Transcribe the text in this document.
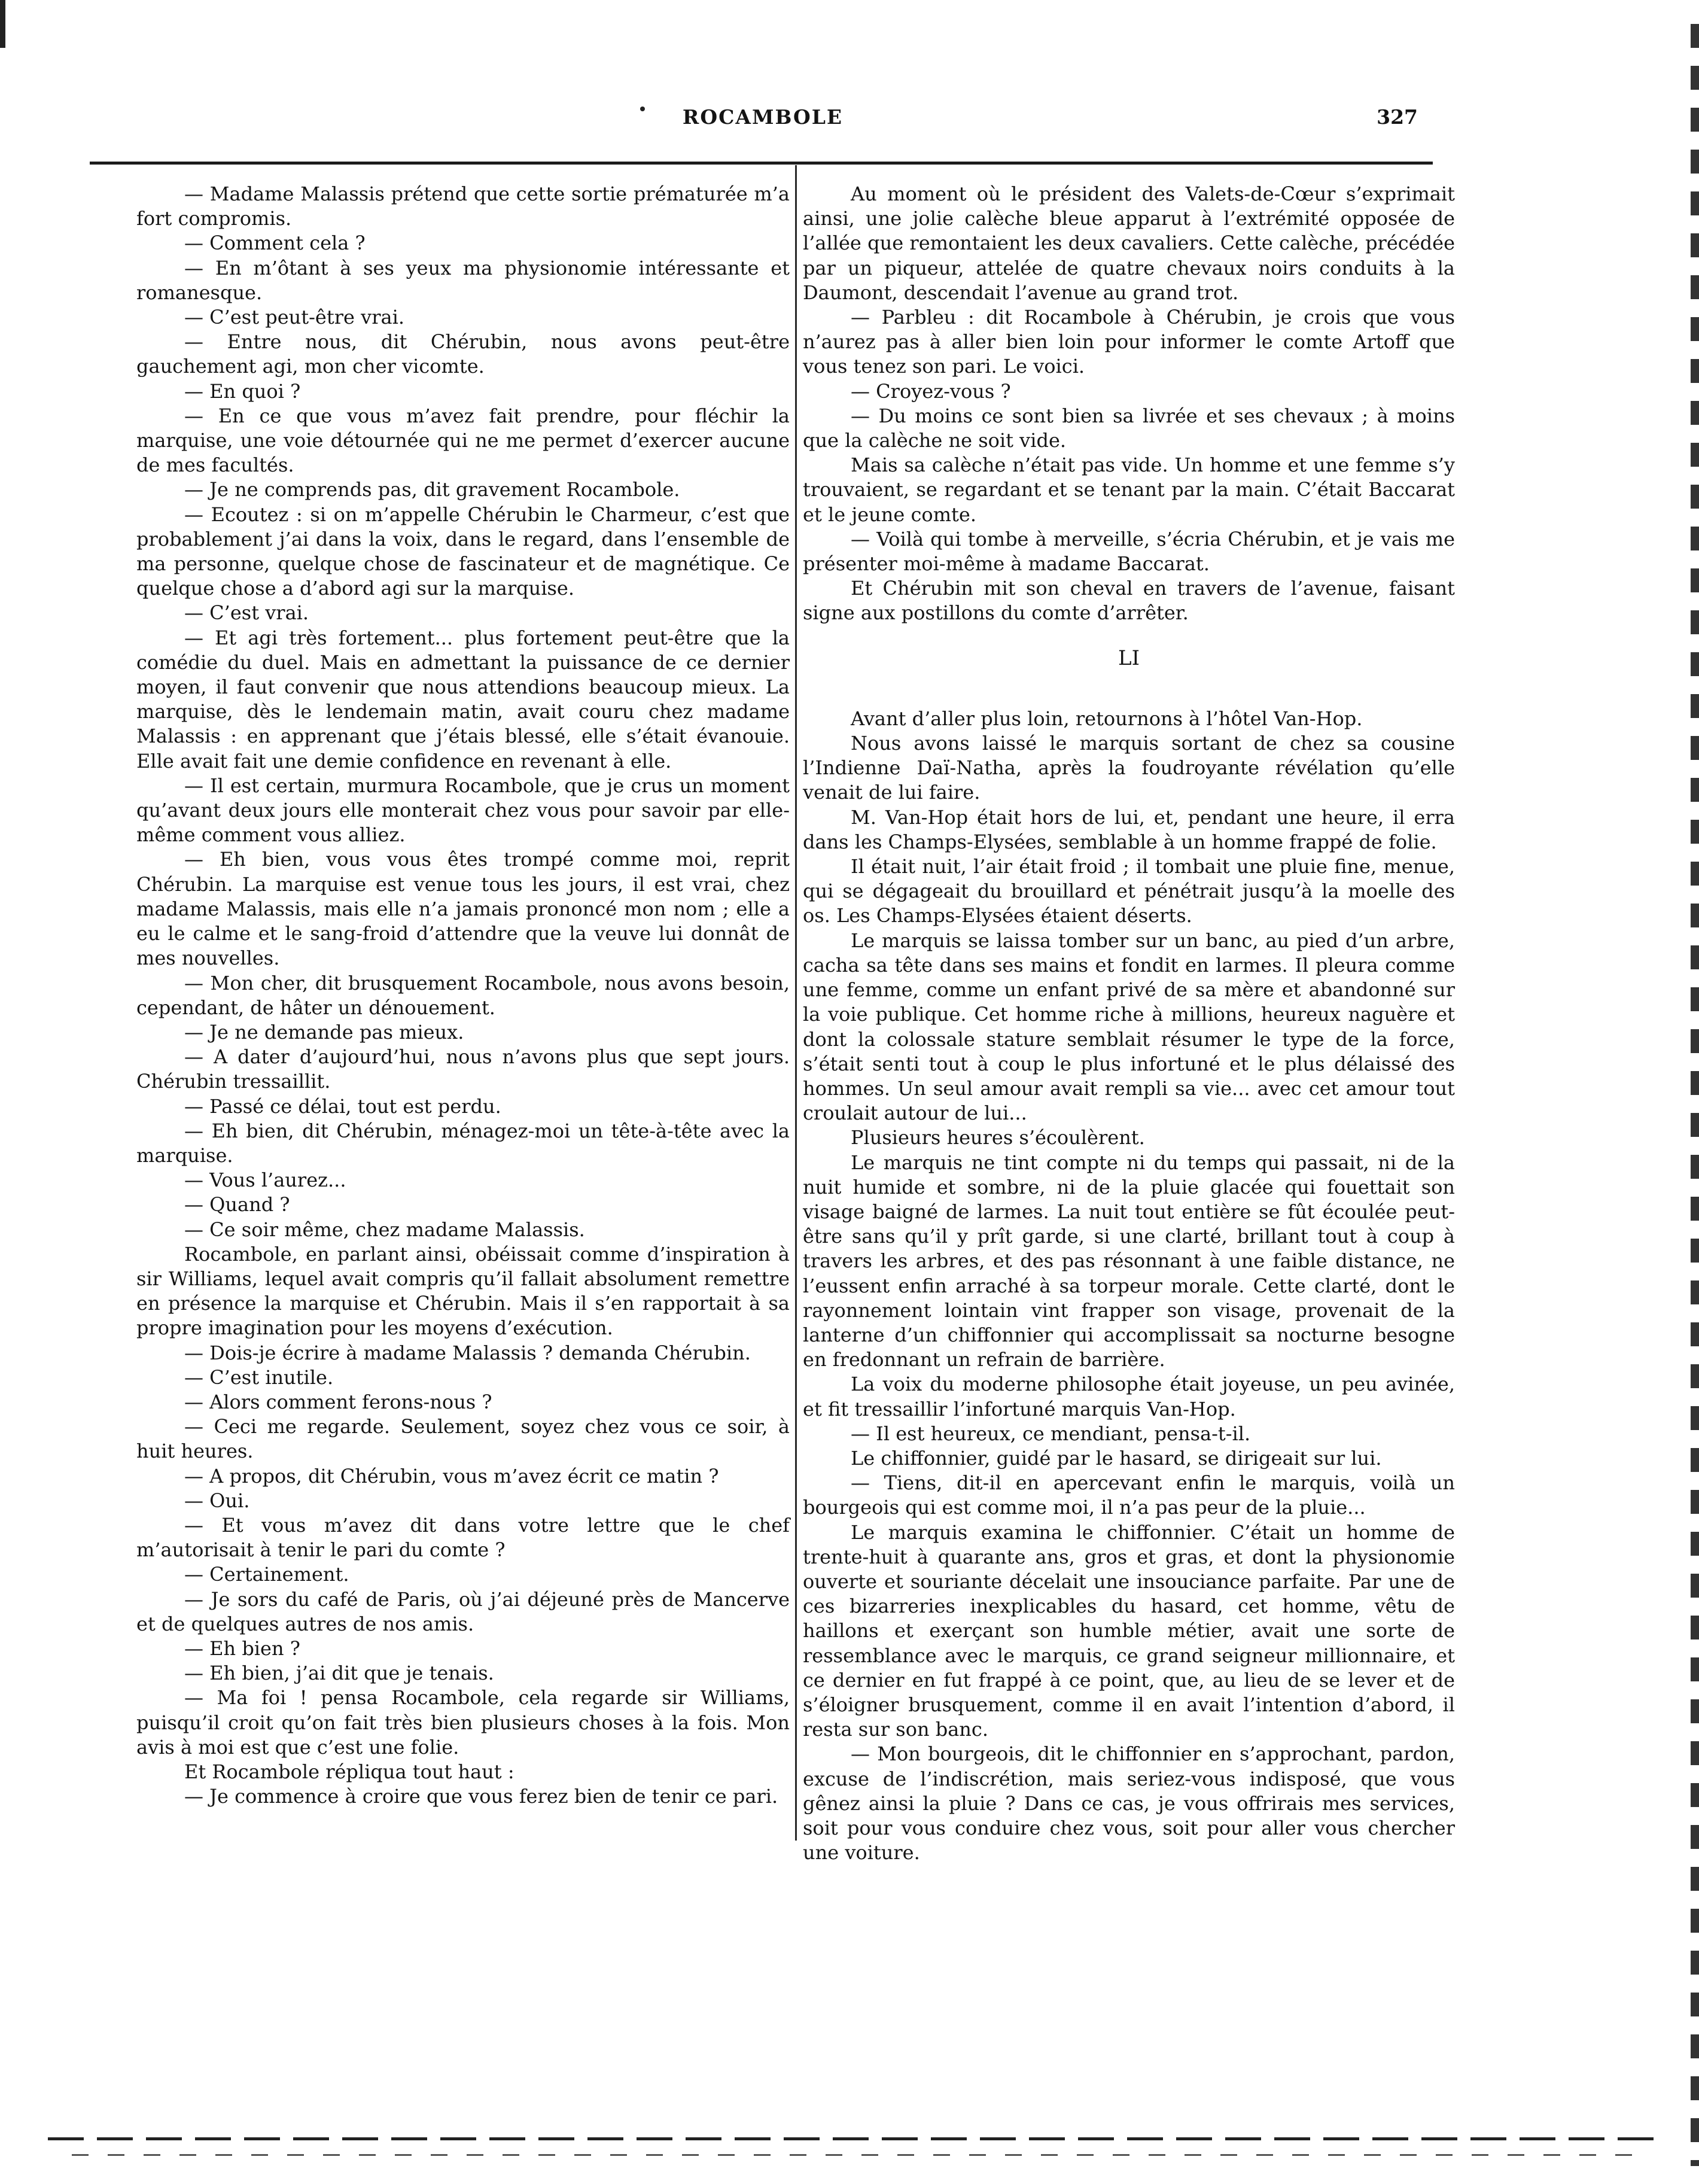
ROCAMBOLE	327

— Madame Malassis prétend que cette sortie prématurée m’a fort compromis.

— Comment cela ?

— En m’ôtant à ses yeux ma physionomie intéressante et romanesque.

— C’est peut-être vrai.

— Entre nous, dit Chérubin, nous avons peut-être gauchement agi, mon cher vicomte.

— En quoi ?

— En ce que vous m’avez fait prendre, pour fléchir la marquise, une voie détournée qui ne me permet d’exercer aucune de mes facultés.

— Je ne comprends pas, dit gravement Rocambole.

— Ecoutez : si on m’appelle Chérubin le Charmeur, c’est que probablement j’ai dans la voix, dans le regard, dans l’ensemble de ma personne, quelque chose de fascinateur et de magnétique. Ce quelque chose a d’abord agi sur la marquise.

— C’est vrai.

— Et agi très fortement... plus fortement peut-être que la comédie du duel. Mais en admettant la puissance de ce dernier moyen, il faut convenir que nous attendions beaucoup mieux. La marquise, dès le lendemain matin, avait couru chez madame Malassis : en apprenant que j’étais blessé, elle s’était évanouie. Elle avait fait une demie confidence en revenant à elle.

— Il est certain, murmura Rocambole, que je crus un moment qu’avant deux jours elle monterait chez vous pour savoir par elle-même comment vous alliez.

— Eh bien, vous vous êtes trompé comme moi, reprit Chérubin. La marquise est venue tous les jours, il est vrai, chez madame Malassis, mais elle n’a jamais prononcé mon nom ; elle a eu le calme et le sang-froid d’attendre que la veuve lui donnât de mes nouvelles.

— Mon cher, dit brusquement Rocambole, nous avons besoin, cependant, de hâter un dénouement.

— Je ne demande pas mieux.

— A dater d’aujourd’hui, nous n’avons plus que sept jours. Chérubin tressaillit.

— Passé ce délai, tout est perdu.

— Eh bien, dit Chérubin, ménagez-moi un tête-à-tête avec la marquise.

— Vous l’aurez...

— Quand ?

— Ce soir même, chez madame Malassis.

Rocambole, en parlant ainsi, obéissait comme d’inspiration à sir Williams, lequel avait compris qu’il fallait absolument remettre en présence la marquise et Chérubin. Mais il s’en rapportait à sa propre imagination pour les moyens d’exécution.

— Dois-je écrire à madame Malassis ? demanda Chérubin.

— C’est inutile.

— Alors comment ferons-nous ?

— Ceci me regarde. Seulement, soyez chez vous ce soir, à huit heures.

— A propos, dit Chérubin, vous m’avez écrit ce matin ?

— Oui.

— Et vous m’avez dit dans votre lettre que le chef m’autorisait à tenir le pari du comte ?

— Certainement.

— Je sors du café de Paris, où j’ai déjeuné près de Mancerve et de quelques autres de nos amis.

— Eh bien ?

— Eh bien, j’ai dit que je tenais.

— Ma foi ! pensa Rocambole, cela regarde sir Williams, puisqu’il croit qu’on fait très bien plusieurs choses à la fois. Mon avis à moi est que c’est une folie.

Et Rocambole répliqua tout haut :

— Je commence à croire que vous ferez bien de tenir ce pari.

Au moment où le président des Valets-de-Cœur s’exprimait ainsi, une jolie calèche bleue apparut à l’extrémité opposée de l’allée que remontaient les deux cavaliers. Cette calèche, précédée par un piqueur, attelée de quatre chevaux noirs conduits à la Daumont, descendait l’avenue au grand trot.

— Parbleu : dit Rocambole à Chérubin, je crois que vous n’aurez pas à aller bien loin pour informer le comte Artoff que vous tenez son pari. Le voici.

— Croyez-vous ?

— Du moins ce sont bien sa livrée et ses chevaux ; à moins que la calèche ne soit vide.

Mais sa calèche n’était pas vide. Un homme et une femme s’y trouvaient, se regardant et se tenant par la main. C’était Baccarat et le jeune comte.

— Voilà qui tombe à merveille, s’écria Chérubin, et je vais me présenter moi-même à madame Baccarat.

Et Chérubin mit son cheval en travers de l’avenue, faisant signe aux postillons du comte d’arrêter.

LI

Avant d’aller plus loin, retournons à l’hôtel Van-Hop.

Nous avons laissé le marquis sortant de chez sa cousine l’Indienne Daï-Natha, après la foudroyante révélation qu’elle venait de lui faire.

M. Van-Hop était hors de lui, et, pendant une heure, il erra dans les Champs-Elysées, semblable à un homme frappé de folie.

Il était nuit, l’air était froid ; il tombait une pluie fine, menue, qui se dégageait du brouillard et pénétrait jusqu’à la moelle des os. Les Champs-Elysées étaient déserts.

Le marquis se laissa tomber sur un banc, au pied d’un arbre, cacha sa tête dans ses mains et fondit en larmes. Il pleura comme une femme, comme un enfant privé de sa mère et abandonné sur la voie publique. Cet homme riche à millions, heureux naguère et dont la colossale stature semblait résumer le type de la force, s’était senti tout à coup le plus infortuné et le plus délaissé des hommes. Un seul amour avait rempli sa vie... avec cet amour tout croulait autour de lui...

Plusieurs heures s’écoulèrent.

Le marquis ne tint compte ni du temps qui passait, ni de la nuit humide et sombre, ni de la pluie glacée qui fouettait son visage baigné de larmes. La nuit tout entière se fût écoulée peut-être sans qu’il y prît garde, si une clarté, brillant tout à coup à travers les arbres, et des pas résonnant à une faible distance, ne l’eussent enfin arraché à sa torpeur morale. Cette clarté, dont le rayonnement lointain vint frapper son visage, provenait de la lanterne d’un chiffonnier qui accomplissait sa nocturne besogne en fredonnant un refrain de barrière.

La voix du moderne philosophe était joyeuse, un peu avinée, et fit tressaillir l’infortuné marquis Van-Hop.

— Il est heureux, ce mendiant, pensa-t-il.

Le chiffonnier, guidé par le hasard, se dirigeait sur lui.

— Tiens, dit-il en apercevant enfin le marquis, voilà un bourgeois qui est comme moi, il n’a pas peur de la pluie...

Le marquis examina le chiffonnier. C’était un homme de trente-huit à quarante ans, gros et gras, et dont la physionomie ouverte et souriante décelait une insouciance parfaite. Par une de ces bizarreries inexplicables du hasard, cet homme, vêtu de haillons et exerçant son humble métier, avait une sorte de ressemblance avec le marquis, ce grand seigneur millionnaire, et ce dernier en fut frappé à ce point, que, au lieu de se lever et de s’éloigner brusquement, comme il en avait l’intention d’abord, il resta sur son banc.

— Mon bourgeois, dit le chiffonnier en s’approchant, pardon, excuse de l’indiscrétion, mais seriez-vous indisposé, que vous gênez ainsi la pluie ? Dans ce cas, je vous offrirais mes services, soit pour vous conduire chez vous, soit pour aller vous chercher une voiture.
